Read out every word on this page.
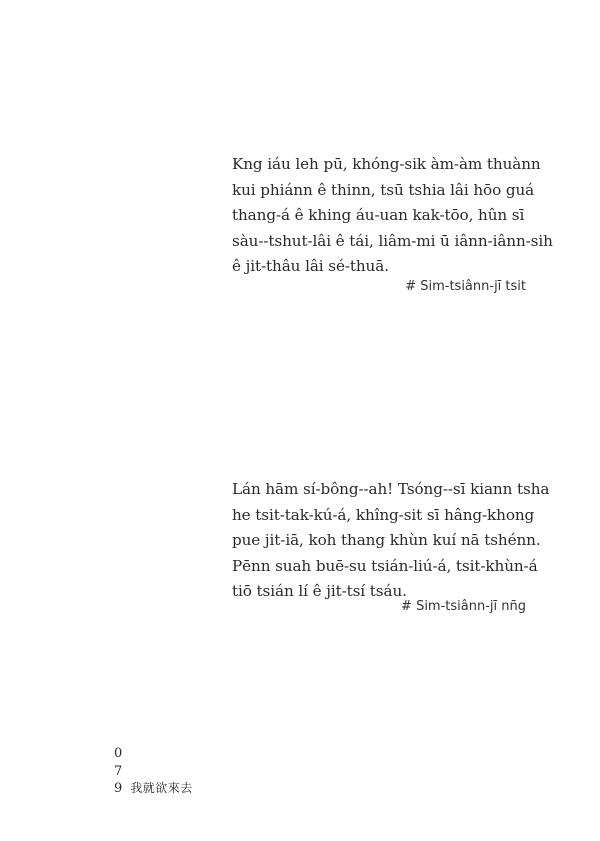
Kng iáu leh pū, khóng-sik àm-àm thuànn
kui phiánn ê thinn, tsū tshia lâi hōo guá
thang-á ê khing áu-uan kak-tōo, hûn sī
sàu--tshut-lâi ê tái, liâm-mi ū iânn-iânn-sih
ê jit-thâu lâi sé-thuā.
# Sim-tsiânn-jī tsit
Lán hām sí-bông--ah! Tsóng--sī kiann tsha
he tsit-tak-kú-á, khîng-sit sī hâng-khong
pue jit-iā, koh thang khùn kuí nā tshénn.
Pēnn suah buē-su tsián-liú-á, tsit-khùn-á
tiō tsián lí ê jit-tsí tsáu.
# Sim-tsiânn-jī nn̄g
0
7
9 我就欲來去
